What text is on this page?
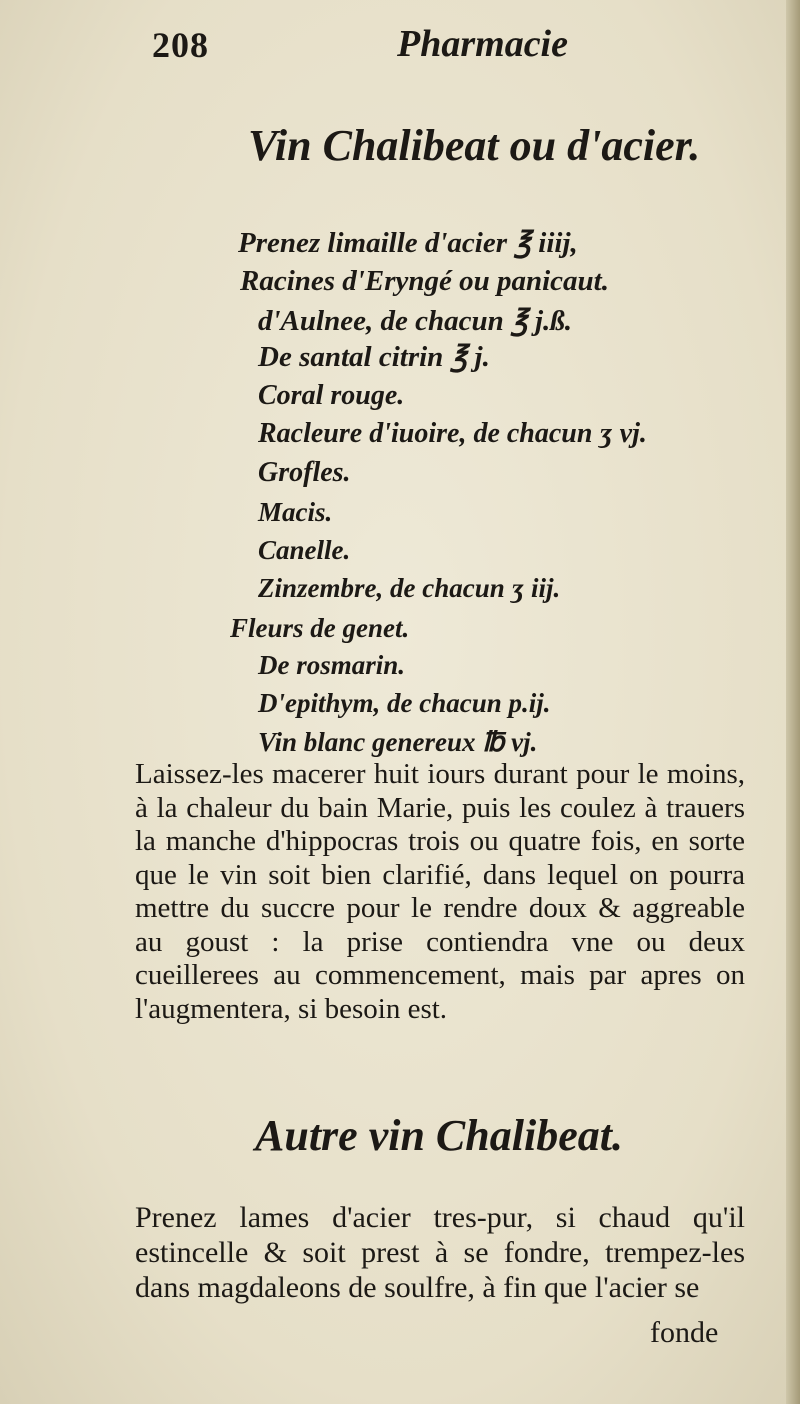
208	Pharmacie
Vin Chalibeat ou d'acier.
Prenez limaille d'acier ℥ iiij,
Racines d'Eryngé ou panicaut.
d'Aulnee, de chacun ℥ j.ß.
De santal citrin ℥ j.
Coral rouge.
Racleure d'iuoire, de chacun ʒ vj.
Grofles.
Macis.
Canelle.
Zinzembre, de chacun ʒ iij.
Fleurs de genet.
De rosmarin.
D'epithym, de chacun p.ij.
Vin blanc genereux ℔ vj.
Laissez-les macerer huit iours durant pour le moins, à la chaleur du bain Marie, puis les coulez à trauers la manche d'hippocras trois ou quatre fois, en sorte que le vin soit bien clarifié, dans lequel on pourra mettre du succre pour le rendre doux & aggreable au goust : la prise contiendra vne ou deux cueillerees au commencement, mais par apres on l'augmentera, si besoin est.
Autre vin Chalibeat.
Prenez lames d'acier tres-pur, si chaud qu'il estincelle & soit prest à se fondre, trempez-les dans magdaleons de soulfre, à fin que l'acier se
fonde
